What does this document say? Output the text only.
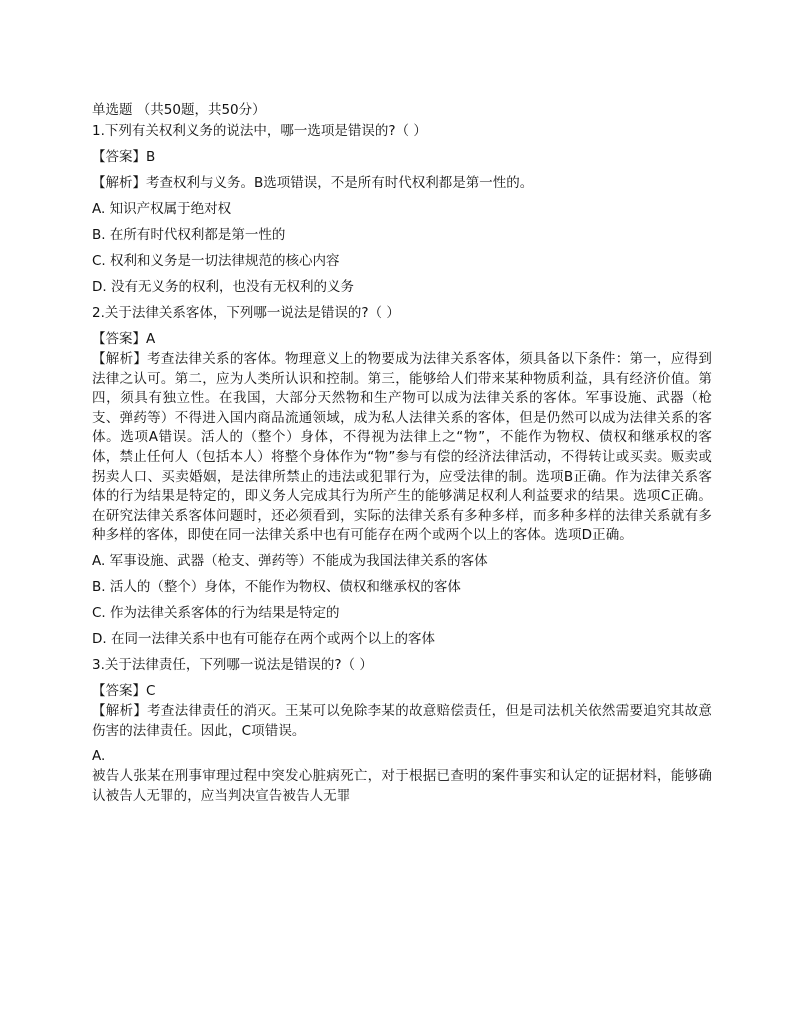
单选题 （共50题，共50分）

1.下列有关权利义务的说法中，哪一选项是错误的?（ ）

【答案】B

【解析】考查权利与义务。B选项错误，不是所有时代权利都是第一性的。

A. 知识产权属于绝对权

B. 在所有时代权利都是第一性的

C. 权利和义务是一切法律规范的核心内容

D. 没有无义务的权利，也没有无权利的义务

2.关于法律关系客体，下列哪一说法是错误的?（ ）

【答案】A

【解析】考查法律关系的客体。物理意义上的物要成为法律关系客体，须具备以下条件：第一，应得到法律之认可。第二，应为人类所认识和控制。第三，能够给人们带来某种物质利益，具有经济价值。第四，须具有独立性。在我国，大部分天然物和生产物可以成为法律关系的客体。军事设施、武器（枪支、弹药等）不得进入国内商品流通领域，成为私人法律关系的客体，但是仍然可以成为法律关系的客体。选项A错误。活人的（整个）身体，不得视为法律上之“物”，不能作为物权、债权和继承权的客体，禁止任何人（包括本人）将整个身体作为“物”参与有偿的经济法律活动，不得转让或买卖。贩卖或拐卖人口、买卖婚姻，是法律所禁止的违法或犯罪行为，应受法律的制。选项B正确。作为法律关系客体的行为结果是特定的，即义务人完成其行为所产生的能够满足权利人利益要求的结果。选项C正确。在研究法律关系客体问题时，还必须看到，实际的法律关系有多种多样，而多种多样的法律关系就有多种多样的客体，即使在同一法律关系中也有可能存在两个或两个以上的客体。选项D正确。

A. 军事设施、武器（枪支、弹药等）不能成为我国法律关系的客体

B. 活人的（整个）身体，不能作为物权、债权和继承权的客体

C. 作为法律关系客体的行为结果是特定的

D. 在同一法律关系中也有可能存在两个或两个以上的客体

3.关于法律责任，下列哪一说法是错误的?（ ）

【答案】C

【解析】考查法律责任的消灭。王某可以免除李某的故意赔偿责任，但是司法机关依然需要追究其故意伤害的法律责任。因此，C项错误。

A.

被告人张某在刑事审理过程中突发心脏病死亡，对于根据已查明的案件事实和认定的证据材料，能够确认被告人无罪的，应当判决宣告被告人无罪
